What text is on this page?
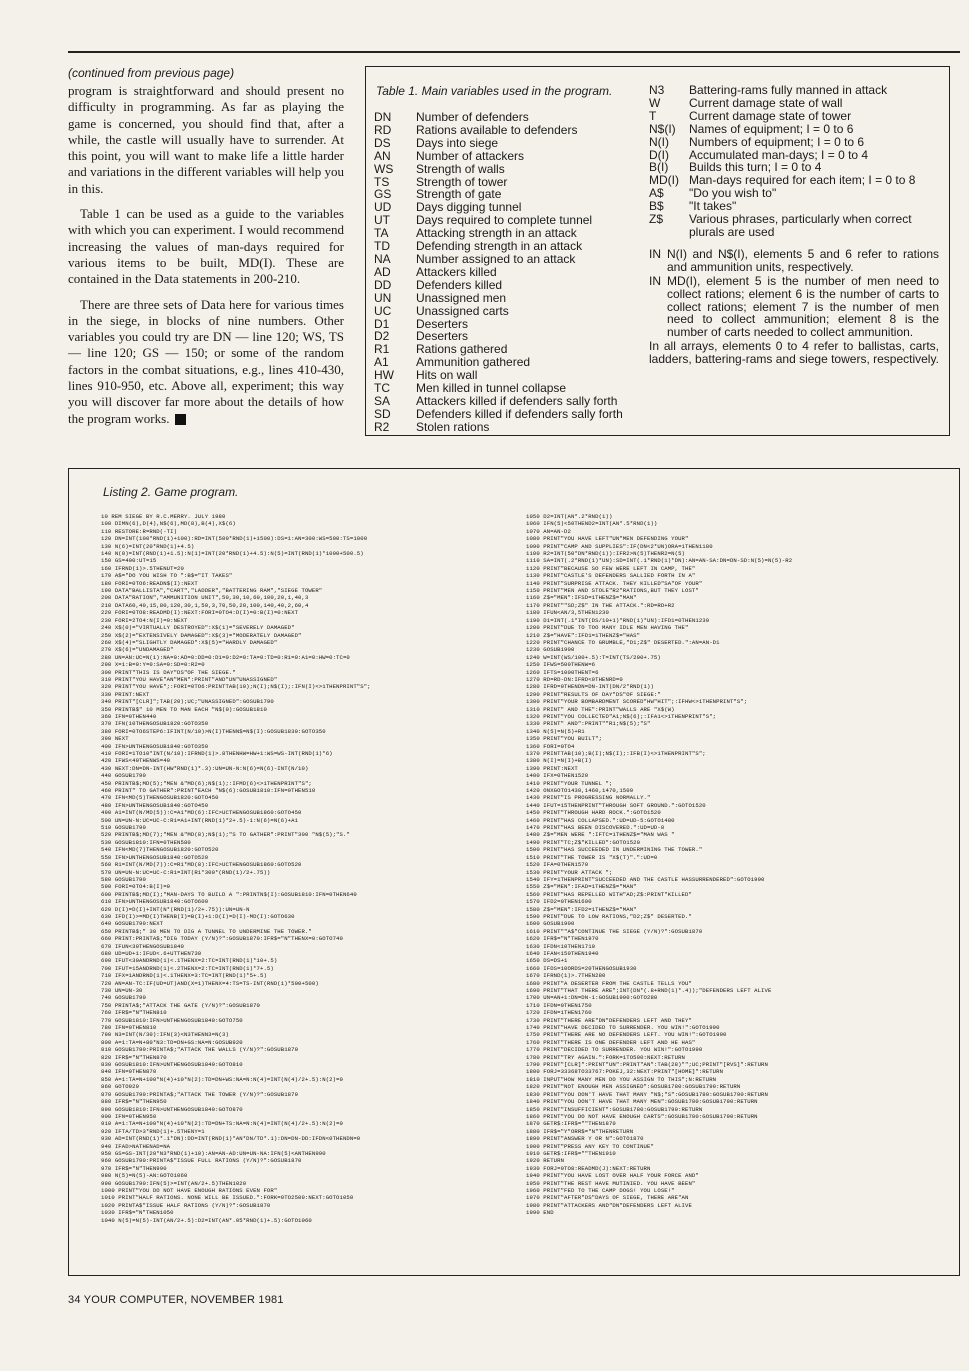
(continued from previous page)

program is straightforward and should present no difficulty in programming. As far as playing the game is concerned, you should find that, after a while, the castle will usually have to surrender. At this point, you will want to make life a little harder and variations in the different variables will help you in this.

Table 1 can be used as a guide to the variables with which you can experiment. I would recommend increasing the values of man-days required for various items to be built, MD(I). These are contained in the Data statements in 200-210.

There are three sets of Data here for various times in the siege, in blocks of nine numbers. Other variables you could try are DN — line 120; WS, TS — line 120; GS — 150; or some of the random factors in the combat situations, e.g., lines 410-430, lines 910-950, etc. Above all, experiment; this way you will discover far more about the details of how the program works.

Table 1. Main variables used in the program.
DN	Number of defenders
RD	Rations available to defenders
DS	Days into siege
AN	Number of attackers
WS	Strength of walls
TS	Strength of tower
GS	Strength of gate
UD	Days digging tunnel
UT	Days required to complete tunnel
TA	Attacking strength in an attack
TD	Defending strength in an attack
NA	Number assigned to an attack
AD	Attackers killed
DD	Defenders killed
UN	Unassigned men
UC	Unassigned carts
D1	Deserters
D2	Deserters
R1	Rations gathered
A1	Ammunition gathered
HW	Hits on wall
TC	Men killed in tunnel collapse
SA	Attackers killed if defenders sally forth
SD	Defenders killed if defenders sally forth
R2	Stolen rations
N3	Battering-rams fully manned in attack
W	Current damage state of wall
T	Current damage state of tower
N$(I)	Names of equipment; I = 0 to 6
N(I)	Numbers of equipment; I = 0 to 6
D(I)	Accumulated man-days; I = 0 to 4
B(I)	Builds this turn; I = 0 to 4
MD(I) Man-days required for each item; I = 0 to 8
A$	"Do you wish to"
B$	"It takes"
Z$	Various phrases, particularly when correct plurals are used
IN N(I) and N$(I), elements 5 and 6 refer to rations and ammunition units, respectively.
IN MD(I), element 5 is the number of men need to collect rations; element 6 is the number of carts to collect rations; element 7 is the number of men need to collect ammunition; element 8 is the number of carts needed to collect ammunition.
In all arrays, elements 0 to 4 refer to ballistas, carts, ladders, battering-rams and siege towers, respectively.
Listing 2. Game program.
10 REM SIEGE BY R.C.MERRY. JULY 1980
100 DIMN(6),D(4),N$(6),MD(8),B(4),X$(6)
110 RESTORE:R=RND(-TI)
120 DN=INT(100*RND(1)+100):RD=INT(500*RND(1)+1500):DS=1:AN=300:WS=500:TS=1000
130 N(6)=INT(20*RND(1)+4.5)
140 N(0)=INT(RND(1)+1.5):N(1)=INT(20*RND(1)+4.5):N(5)=INT(RND(1)*1000+500.5)
150 GS=400:UT=15
160 IFRND(1)>.5THENUT=20
170 A$="DO YOU WISH TO ":B$="IT TAKES"
180 FORI=0TO6:READN$(I):NEXT
190 DATA"BALLISTA","CART","LADDER","BATTERING RAM","SIEGE TOWER"
200 DATA"RATION","AMMUNITION UNIT",50,30,10,60,100,20,1,40,3
210 DATA60,40,15,80,120,30,1,50,3,70,50,20,100,140,40,2,60,4
220 FORI=0TO8:READMD(I):NEXT:FORI=0TO4:D(I)=0:B(I)=0:NEXT
230 FORI=2TO4:N(I)=0:NEXT
240 X$(0)="VIRTUALLY DESTROYED":X$(1)="SEVERELY DAMAGED"
250 X$(2)="EXTENSIVELY DAMAGED":X$(3)="MODERATELY DAMAGED"
260 X$(4)="SLIGHTLY DAMAGED":X$(5)="HARDLY DAMAGED"
270 X$(6)="UNDAMAGED"
280 UN=AN:UC=N(1):NA=0:AD=0:DD=0:D1=0:D2=0:TA=0:TD=0:R1=0:A1=0:HW=0:TC=0
290 X=1:B=0:Y=0:SA=0:SD=0:R2=0
300 PRINT"THIS IS DAY"DS"OF THE SIEGE."
310 PRINT"YOU HAVE"AN"MEN":PRINT"AND"UN"UNASSIGNED"
320 PRINT"YOU HAVE";:FORI=0TO6:PRINTTAB(10);N(I);N$(I);:IFN(I)<>1THENPRINT"S";
330 PRINT:NEXT
340 PRINT"[CLR]";TAB(20);UC;"UNASSIGNED":GOSUB1790
350 PRINTB$" 10 MEN TO MAN EACH "N$(0):GOSUB1810
360 IFN=0THEN440
370 IFN(10THENGOSUB1820:GOTO350
380 FORI=0TO6STEP6:IFINT(N/10)>N(I)THENN$=N$(I):GOSUB1830:GOTO350
390 NEXT
400 IFN>UNTHENGOSUB1840:GOTO350
410 FORI=1TO10*INT(N/10):IFRND(1)>.8THENHW=HW+1:WS=WS-INT(RND(1)*6)
420 IFWS<40THENWS=40
430 NEXT:DN=DN-INT(HW*RND(1)*.3):UN=UN-N:N(6)=N(6)-INT(N/10)
440 GOSUB1790
450 PRINTB$;MD(5);"MEN &"MD(6);N$(1);:IFMD(6)<>1THENPRINT"S";
460 PRINT" TO GATHER":PRINT"EACH "N$(6):GOSUB1810:IFN=0THEN510
470 IFN<MD(5)THENGOSUB1820:GOTO450
480 IFN>UNTHENGOSUB1840:GOTO450
490 A1=INT(N/MD(5)):C=A1*MD(6):IFC>UCTHENGOSUB1860:GOTO450
500 UN=UN-N:UC=UC-C:R1=A1+INT(RND(1)*2+.5)-1:N(6)=N(6)+A1
510 GOSUB1790
520 PRINTB$;MD(7);"MEN &"MD(8);N$(1);"S TO GATHER":PRINT"300 "N$(5);"S."
530 GOSUB1810:IFN=0THEN580
540 IFN<MD(7)THENGOSUB1820:GOTO520
550 IFN>UNTHENGOSUB1840:GOTO520
560 R1=INT(N/MD(7)):C=R1*MD(8):IFC>UCTHENGOSUB1860:GOTO520
570 UN=UN-N:UC=UC-C:R1=INT(R1*300*(RND(1)/2+.75))
580 GOSUB1790
590 FORI=0TO4:B(I)=0
600 PRINTB$;MD(I);"MAN-DAYS TO BUILD A ":PRINTN$(I):GOSUB1810:IFN=0THEN640
610 IFN>UNTHENGOSUB1840:GOTO600
620 D(I)=D(I)+INT(N*(RND(1)/2+.75)):UN=UN-N
630 IFD(I)>=MD(I)THENB(I)=B(I)+1:D(I)=D(I)-MD(I):GOTO630
640 GOSUB1790:NEXT
650 PRINTB$;" 30 MEN TO DIG A TUNNEL TO UNDERMINE THE TOWER."
660 PRINT:PRINTA$;"DIG TODAY (Y/N)?":GOSUB1870:IFR$="N"THENX=0:GOTO740
670 IFUN<30THENGOSUB1840
680 UD=UD+1:IFUD<.6+UTTHEN730
690 IFUT<30ANDRND(1)<.1THENX=2:TC=INT(RND(1)*10+.5)
700 IFUT=15ANDRND(1)<.2THENX=2:TC=INT(RND(1)*7+.5)
710 IFX=1ANDRND(1)<.1THENX=3:TC=INT(RND(1)*5+.5)
720 AN=AN-TC:IF(UD=UT)AND(X=1)THENX=4:TS=TS-INT(RND(1)*500+500)
730 UN=UN-30
740 GOSUB1790
750 PRINTA$;"ATTACK THE GATE (Y/N)?":GOSUB1870
760 IFR$="N"THEN810
770 GOSUB1810:IFN>UNTHENGOSUB1840:GOTO750
780 IFN=0THEN810
790 N3=INT(N/30):IFN(3)<N3THENN3=N(3)
800 A=1:TA=N+80*N3:TD=DN+GS:NA=N:GOSUB920
810 GOSUB1790:PRINTA$;"ATTACK THE WALLS (Y/N)?":GOSUB1870
820 IFR$="N"THEN870
830 GOSUB1810:IFN>UNTHENGOSUB1840:GOTO810
840 IFN=0THEN870
850 A=1:TA=N+100*N(4)+10*N(2):TD=DN+WS:NA=N:N(4)=INT(N(4)/2+.5):N(2)=0
860 GOTO920
870 GOSUB1790:PRINTA$;"ATTACK THE TOWER (Y/N)?":GOSUB1870
880 IFR$="N"THEN950
890 GOSUB1810:IFN>UNTHENGOSUB1840:GOTO870
900 IFN=0THEN950
910 A=1:TA=N+100*N(4)+10*N(2):TD=DN+TS:NA=N:N(4)=INT(N(4)/2+.5):N(2)=0
920 IFTA/TD>3*RND(1)+.5THENY=1
930 AD=INT(RND(1)*.1*DN):DD=INT(RND(1)*AN*DN/TD*.1):DN=DN-DD:IFDN<0THENDN=0
940 IFAD>NATHENAD=NA
950 GS=GS-INT(20*N3*RND(1)+10):AN=AN-AD:UN=UN-NA:IFN(5)<ANTHEN990
960 GOSUB1790:PRINTA$"ISSUE FULL RATIONS (Y/N)?":GOSUB1870
970 IFR$="N"THEN990
980 N(5)=N(5)-AN:GOTO1060
990 GOSUB1790:IFN(5)>=INT(AN/2+.5)THEN1020
1000 PRINT"YOU DO NOT HAVE ENOUGH RATIONS EVEN FOR"
1010 PRINT"HALF RATIONS. NONE WILL BE ISSUED.":FORK=0TO2500:NEXT:GOTO1050
1020 PRINTA$"ISSUE HALF RATIONS (Y/N)?":GOSUB1870
1030 IFR$="N"THEN1050
1040 N(5)=N(5)-INT(AN/2+.5):D2=INT(AN*.05*RND(1)+.5):GOTO1060
1050 D2=INT(AN*.2*RND(1))
1060 IFN(5)<50THEND2=INT(AN*.5*RND(1))
1070 AN=AN-D2
1080 PRINT"YOU HAVE LEFT"UN"MEN DEFENDING YOUR"
1090 PRINT"CAMP AND SUPPLIES":IF(DN<2*UN)ORA=1THEN1180
1100 R2=INT(50*DN*RND(1)):IFR2>N(5)THENR2=N(5)
1110 SA=INT(.2*RND(1)*UN):SD=INT(.1*RND(1)*DN):AN=AN-SA:DN=DN-SD:N(5)=N(5)-R2
1120 PRINT"BECAUSE SO FEW WERE LEFT IN CAMP, THE"
1130 PRINT"CASTLE'S DEFENDERS SALLIED FORTH IN A"
1140 PRINT"SURPRISE ATTACK. THEY KILLED"SA"OF YOUR"
1150 PRINT"MEN AND STOLE"R2"RATIONS,BUT THEY LOST"
1160 Z$="MEN":IFSD=1THENZ$="MAN"
1170 PRINT""SD;Z$" IN THE ATTACK.":RD=RD+R2
1180 IFUN<AN/3,5THEN1230
1190 D1=INT(.1*INT(DS/10+1)*RND(1)*UN):IFD1=0THEN1230
1200 PRINT"DUE TO TOO MANY IDLE MEN HAVING THE"
1210 Z$="HAVE":IFD1=1THENZ$="HAS"
1220 PRINT"CHANCE TO GRUMBLE,"D1;Z$" DESERTED.":AN=AN-D1
1230 GOSUB1900
1240 W=INT(WS/100+.5):T=INT(TS/200+.75)
1250 IFWS=500THENW=6
1260 IFTS=1000THENT=6
1270 RD=RD-DN:IFRD<0THENRD=0
1280 IFRD=0THENDN=DN-INT(DN/2*RND(1))
1290 PRINT"RESULTS OF DAY"DS"OF SIEGE:"
1300 PRINT"YOUR BOMBARDMENT SCORED"HW"HIT";:IFHW<>1THENPRINT"S";
1310 PRINT" AND THE":PRINT"WALLS ARE "X$(W)
1320 PRINT"YOU COLLECTED"A1;N$(6);:IFA1<>1THENPRINT"S";
1330 PRINT" AND":PRINT""R1;N$(5);"S"
1340 N(5)=N(5)+R1
1350 PRINT"YOU BUILT";
1360 FORI=0TO4
1370 PRINTTAB(10);B(I);N$(I);:IFB(I)<>1THENPRINT"S";
1380 N(I)=N(I)+B(I)
1390 PRINT:NEXT
1400 IFX=0THEN1520
1410 PRINT"YOUR TUNNEL ";
1420 ONXGOTO1430,1460,1470,1500
1430 PRINT"IS PROGRESSING NORMALLY."
1440 IFUT=15THENPRINT"THROUGH SOFT GROUND.":GOTO1520
1450 PRINT"THROUGH HARD ROCK.":GOTO1520
1460 PRINT"HAS COLLAPSED.":UD=UD-5:GOTO1480
1470 PRINT"HAS BEEN DISCOVERED.":UD=UD-8
1480 Z$="MEN WERE ":IFTC=1THENZ$="MAN WAS "
1490 PRINT"TC;Z$"KILLED":GOTO1520
1500 PRINT"HAS SUCCEEDED IN UNDERMINING THE TOWER."
1510 PRINT"THE TOWER IS "X$(T)".":UD=0
1520 IFA=0THEN1570
1530 PRINT"YOUR ATTACK ";
1540 IFY=1THENPRINT"SUCCEEDED AND THE CASTLE HASSURRENDERED":GOTO1990
1550 Z$="MEN":IFAD=1THENZ$="MAN"
1560 PRINT"HAS REPELLED WITH"AD;Z$:PRINT"KILLED"
1570 IFD2=0THEN1600
1580 Z$="MEN":IFD2=1THENZ$="MAN"
1590 PRINT"DUE TO LOW RATIONS,"D2;Z$" DESERTED."
1600 GOSUB1900
1610 PRINT""A$"CONTINUE THE SIEGE (Y/N)?":GOSUB1870
1620 IFR$="N"THEN1970
1630 IFDN<10THEN1710
1640 IFAN<150THEN1940
1650 DS=DS+1
1660 IFDS=10ORDS=20THENGOSUB1930
1670 IFRND(1)>.7THEN280
1680 PRINT"A DESERTER FROM THE CASTLE TELLS YOU"
1690 PRINT"THAT THERE ARE";INT(DN*(.8+RND(1)*.4));"DEFENDERS LEFT ALIVE
1700 UN=AN+1:DN=DN-1:GOSUB1900:GOTO280
1710 IFDN=0THEN1750
1720 IFDN=1THEN1760
1730 PRINT"THERE ARE"DN"DEFENDERS LEFT AND THEY"
1740 PRINT"HAVE DECIDED TO SURRENDER. YOU WIN!":GOTO1990
1750 PRINT"THERE ARE NO DEFENDERS LEFT. YOU WIN!":GOTO1990
1760 PRINT"THERE IS ONE DEFENDER LEFT AND HE HAS"
1770 PRINT"DECIDED TO SURRENDER. YOU WIN!":GOTO1990
1780 PRINT"TRY AGAIN.":FORK=1TO500:NEXT:RETURN
1790 PRINT"[CLR]":PRINT"UN":PRINT"AN":TAB(28)"";UC;PRINT"[RVS]":RETURN
1800 FORJ=33368TO33767:POKEJ,32:NEXT:PRINT"[HOME]":RETURN
1810 INPUT"HOW MANY MEN DO YOU ASSIGN TO THIS";N:RETURN
1820 PRINT"NOT ENOUGH MEN ASSIGNED":GOSUB1780:GOSUB1790:RETURN
1830 PRINT"YOU DON'T HAVE THAT MANY "N$;"S":GOSUB1780:GOSUB1790:RETURN
1840 PRINT"YOU DON'T HAVE THAT MANY MEN":GOSUB1780:GOSUB1790:RETURN
1850 PRINT"INSUFFICIENT":GOSUB1780:GOSUB1790:RETURN
1860 PRINT"YOU DO NOT HAVE ENOUGH CARTS":GOSUB1780:GOSUB1790:RETURN
1870 GETR$:IFR$=""THEN1870
1880 IFR$="Y"ORR$="N"THENRETURN
1890 PRINT"ANSWER Y OR N":GOTO1870
1900 PRINT"PRESS ANY KEY TO CONTINUE"
1910 GETR$:IFR$=""THEN1910
1920 RETURN
1930 FORJ=0TO8:READMD(J):NEXT:RETURN
1940 PRINT"YOU HAVE LOST OVER HALF YOUR FORCE AND"
1950 PRINT"THE REST HAVE MUTINIED. YOU HAVE BEEN"
1960 PRINT"FED TO THE CAMP DOGS! YOU LOSE!"
1970 PRINT"AFTER"DS"DAYS OF SIEGE, THERE ARE"AN
1980 PRINT"ATTACKERS AND"DN"DEFENDERS LEFT ALIVE
1990 END
34 YOUR COMPUTER, NOVEMBER 1981
